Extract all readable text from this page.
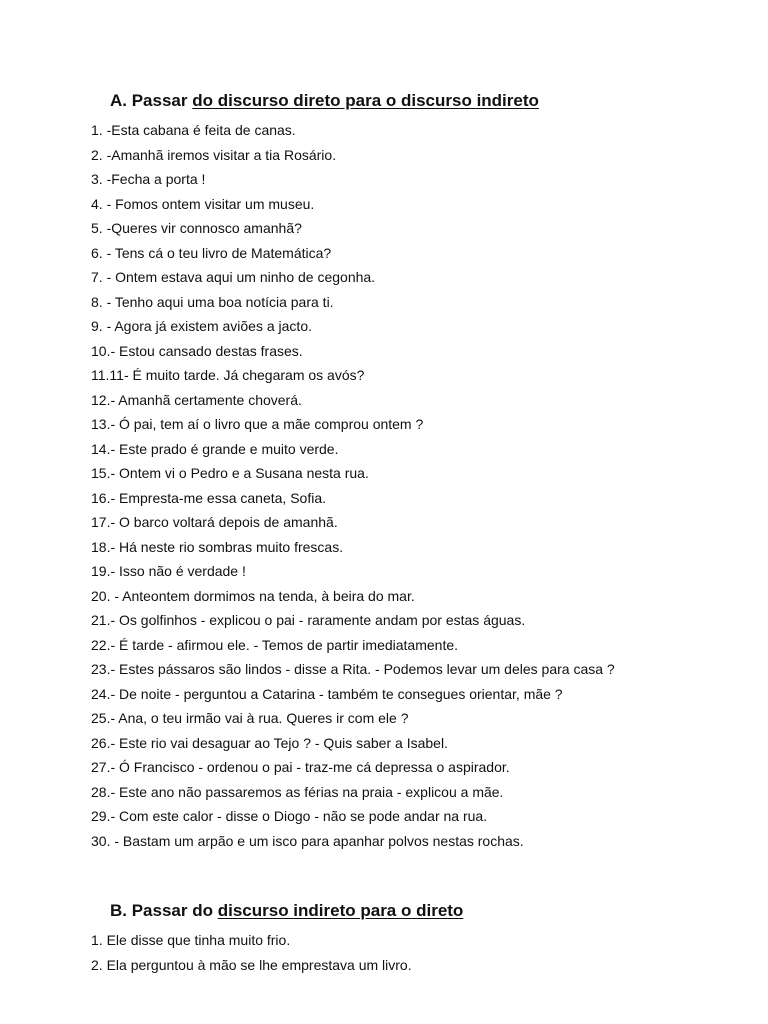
A. Passar do discurso direto para o discurso indireto
1. -Esta cabana é feita de canas.
2. -Amanhã iremos visitar a tia Rosário.
3. -Fecha a porta !
4. - Fomos ontem visitar um museu.
5. -Queres vir connosco amanhã?
6. - Tens cá o teu livro de Matemática?
7. - Ontem estava aqui um ninho de cegonha.
8. - Tenho aqui uma boa notícia para ti.
9. - Agora já existem aviões a jacto.
10.- Estou cansado destas frases.
11.11- É muito tarde. Já chegaram os avós?
12.- Amanhã certamente choverá.
13.- Ó pai, tem aí o livro que a mãe comprou ontem ?
14.- Este prado é grande e muito verde.
15.- Ontem vi o Pedro e a Susana nesta rua.
16.- Empresta-me essa caneta, Sofia.
17.- O barco voltará depois de amanhã.
18.- Há neste rio sombras muito frescas.
19.- Isso não é verdade !
20. - Anteontem dormimos na tenda, à beira do mar.
21.- Os golfinhos - explicou o pai - raramente andam por estas águas.
22.- É tarde - afirmou ele. - Temos de partir imediatamente.
23.- Estes pássaros são lindos - disse a Rita. - Podemos levar um deles para casa ?
24.- De noite - perguntou a Catarina - também te consegues orientar, mãe ?
25.- Ana, o teu irmão vai à rua. Queres ir com ele ?
26.- Este rio vai desaguar ao Tejo ? - Quis saber a Isabel.
27.- Ó Francisco - ordenou o pai - traz-me cá depressa o aspirador.
28.- Este ano não passaremos as férias na praia - explicou a mãe.
29.- Com este calor - disse o Diogo - não se pode andar na rua.
30. - Bastam um arpão e um isco para apanhar polvos nestas rochas.
B. Passar do discurso indireto para o direto
1. Ele disse que tinha muito frio.
2. Ela perguntou à mão se lhe emprestava um livro.
